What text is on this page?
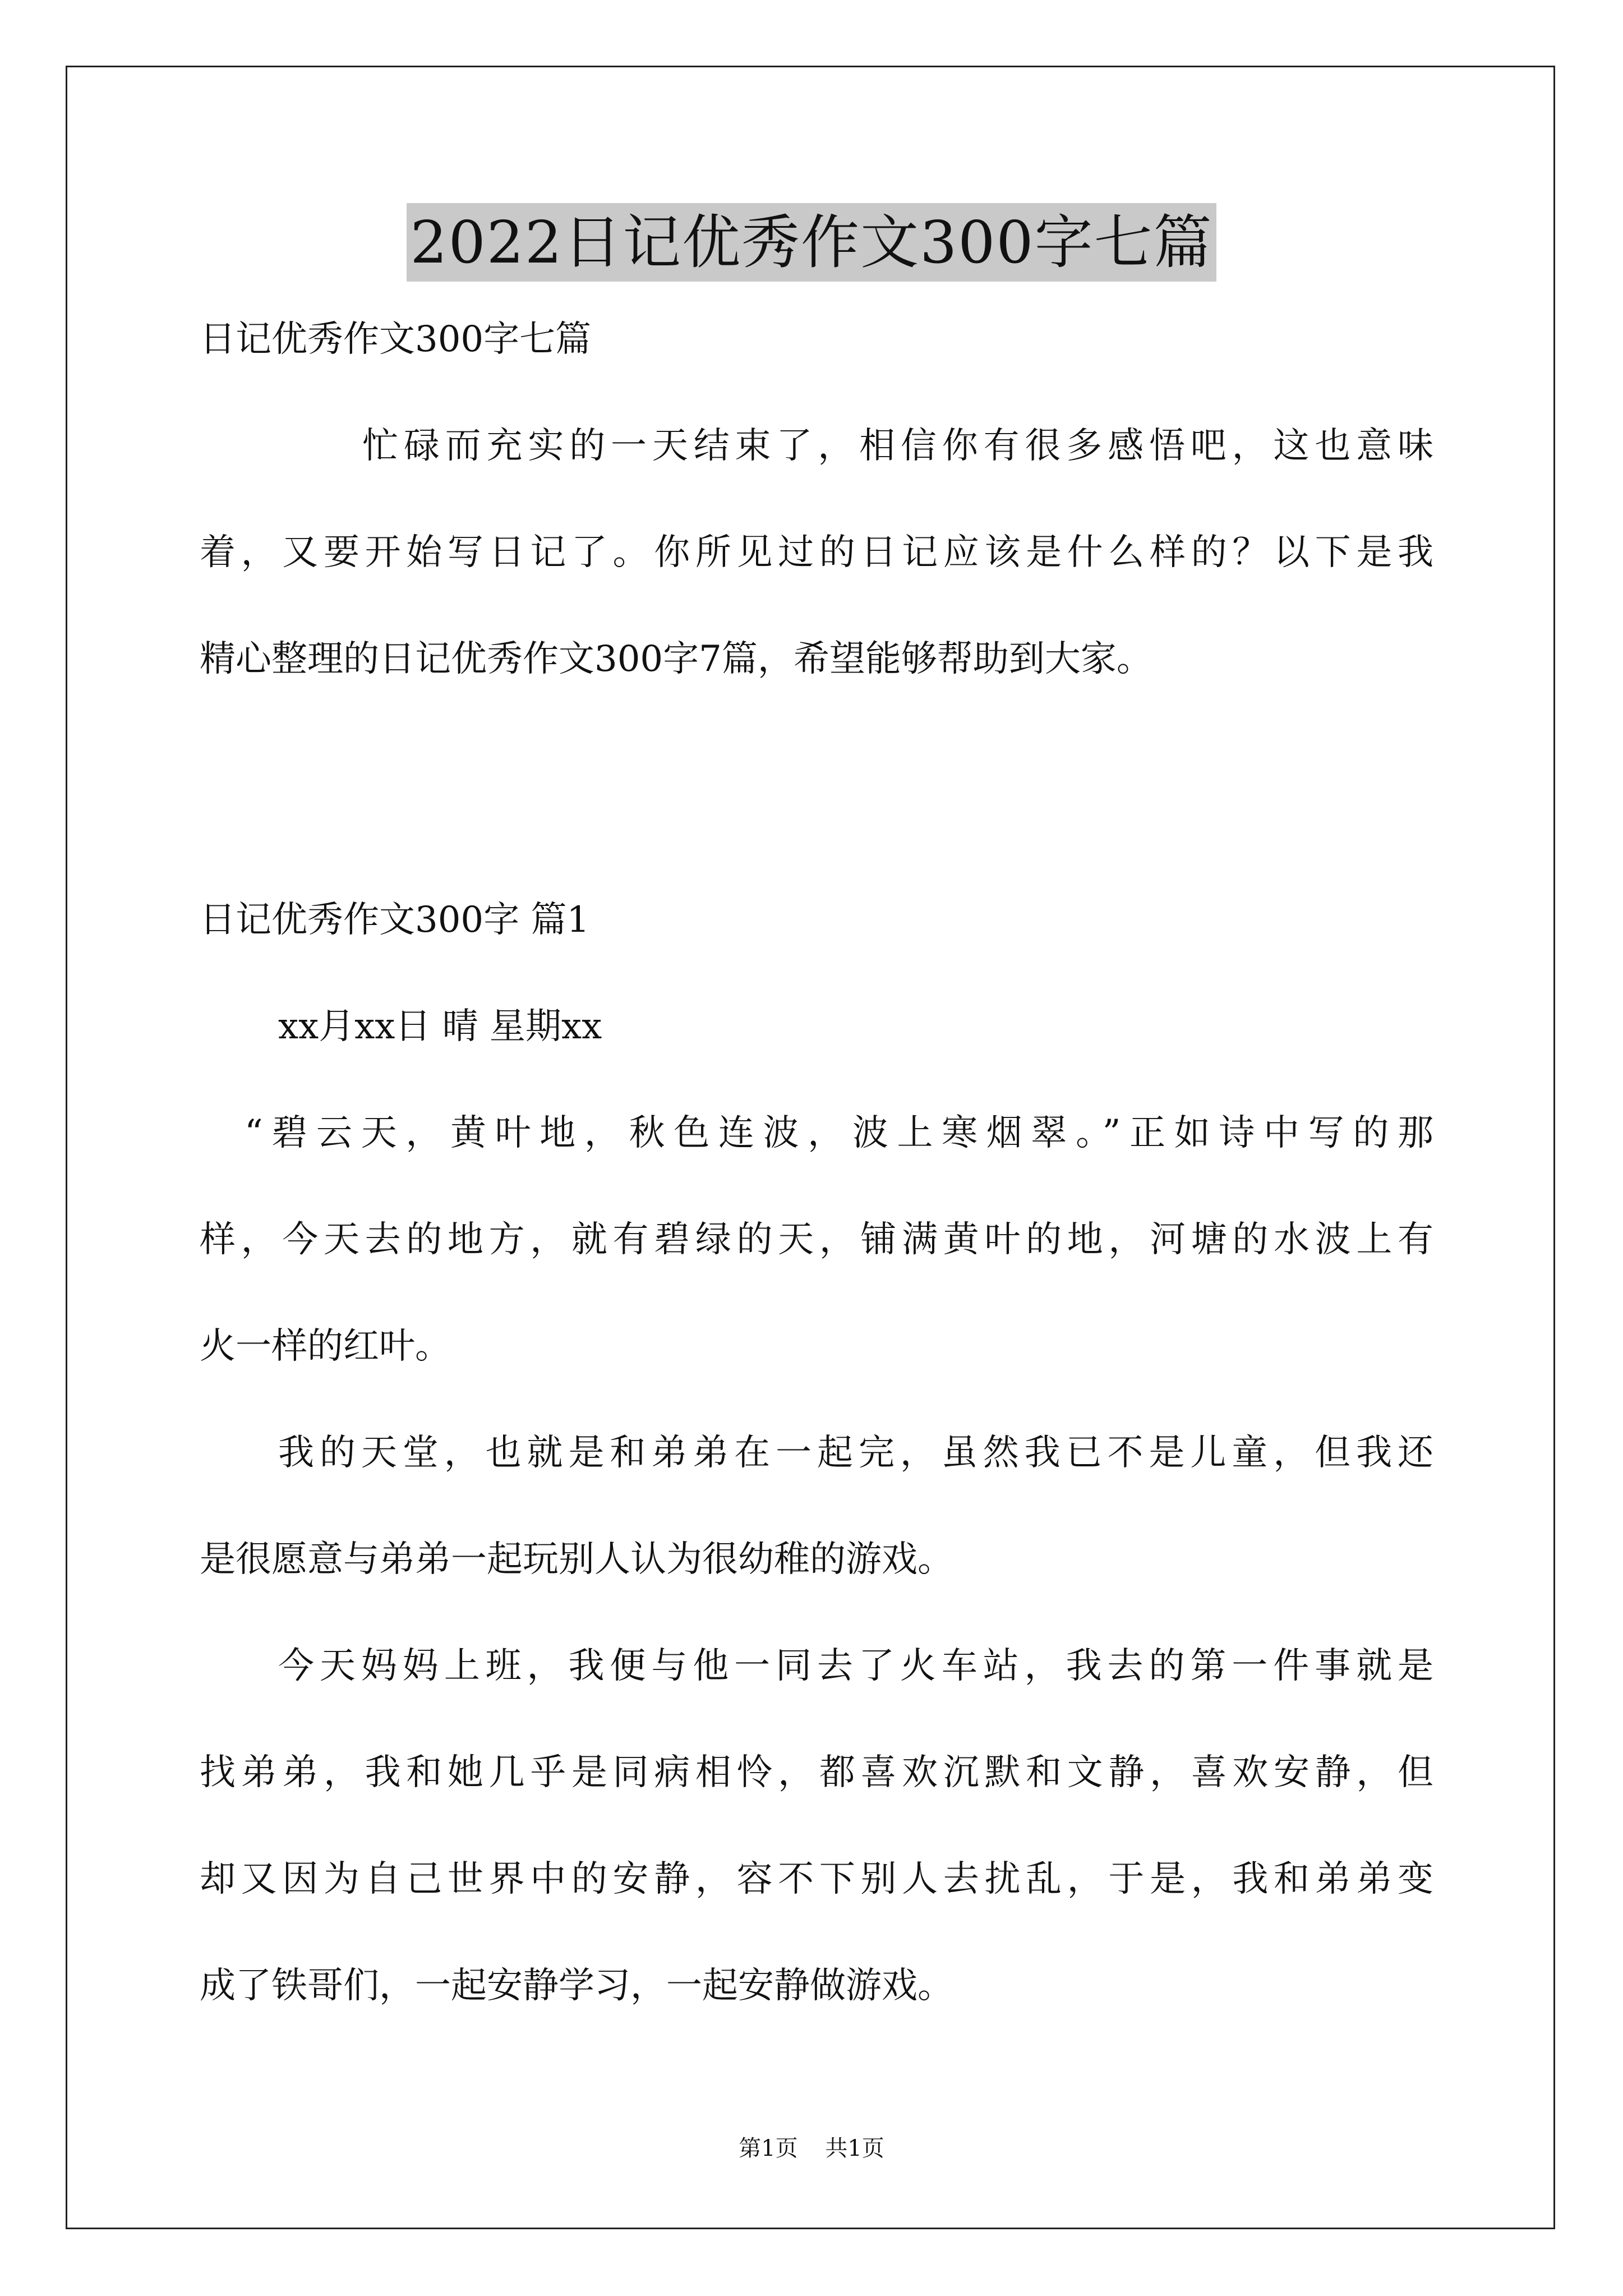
2022日记优秀作文300字七篇
日记优秀作文300字七篇
忙碌而充实的一天结束了，相信你有很多感悟吧，这也意味
着，又要开始写日记了。你所见过的日记应该是什么样的？以下是我
精心整理的日记优秀作文300字7篇，希望能够帮助到大家。
日记优秀作文300字 篇1
xx月xx日 晴 星期xx
“碧云天，黄叶地，秋色连波，波上寒烟翠。”正如诗中写的那
样，今天去的地方，就有碧绿的天，铺满黄叶的地，河塘的水波上有
火一样的红叶。
我的天堂，也就是和弟弟在一起完，虽然我已不是儿童，但我还
是很愿意与弟弟一起玩别人认为很幼稚的游戏。
今天妈妈上班，我便与他一同去了火车站，我去的第一件事就是
找弟弟，我和她几乎是同病相怜，都喜欢沉默和文静，喜欢安静，但
却又因为自己世界中的安静，容不下别人去扰乱，于是，我和弟弟变
成了铁哥们，一起安静学习，一起安静做游戏。
第1页 共1页
